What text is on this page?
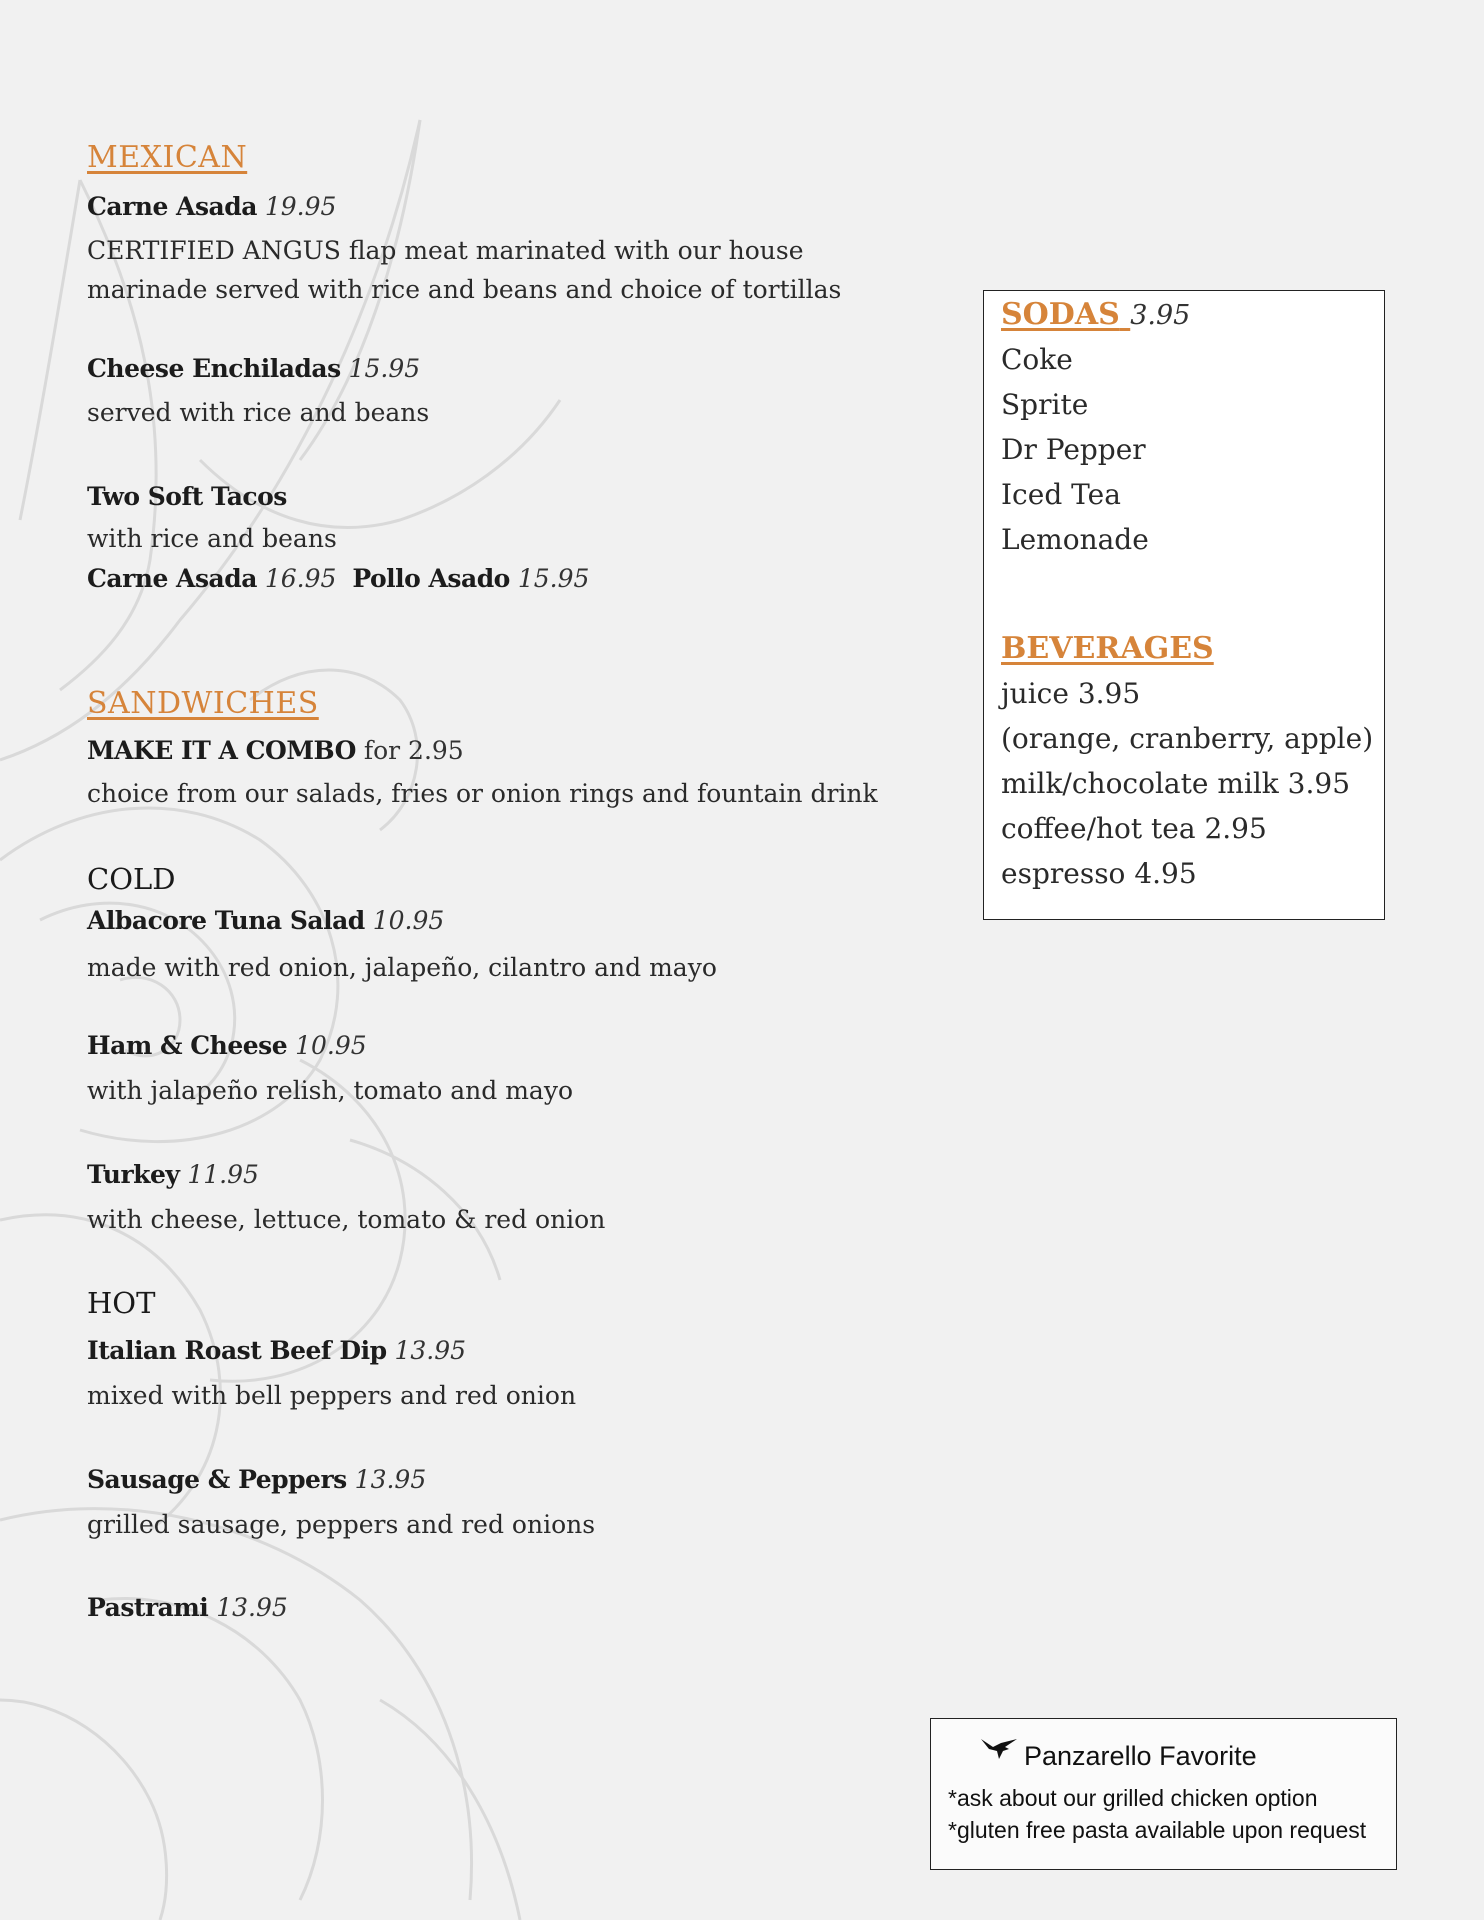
MEXICAN
Carne Asada 19.95
CERTIFIED ANGUS flap meat marinated with our house
marinade served with rice and beans and choice of tortillas
Cheese Enchiladas 15.95
served with rice and beans
Two Soft Tacos
with rice and beans
Carne Asada 16.95 Pollo Asado 15.95
SANDWICHES
MAKE IT A COMBO for 2.95
choice from our salads, fries or onion rings and fountain drink
COLD
Albacore Tuna Salad 10.95
made with red onion, jalapeño, cilantro and mayo
Ham & Cheese 10.95
with jalapeño relish, tomato and mayo
Turkey 11.95
with cheese, lettuce, tomato & red onion
HOT
Italian Roast Beef Dip 13.95
mixed with bell peppers and red onion
Sausage & Peppers 13.95
grilled sausage, peppers and red onions
Pastrami 13.95
SODAS 3.95
Coke
Sprite
Dr Pepper
Iced Tea
Lemonade
BEVERAGES
juice 3.95
(orange, cranberry, apple)
milk/chocolate milk 3.95
coffee/hot tea 2.95
espresso 4.95
Panzarello Favorite
*ask about our grilled chicken option
*gluten free pasta available upon request
